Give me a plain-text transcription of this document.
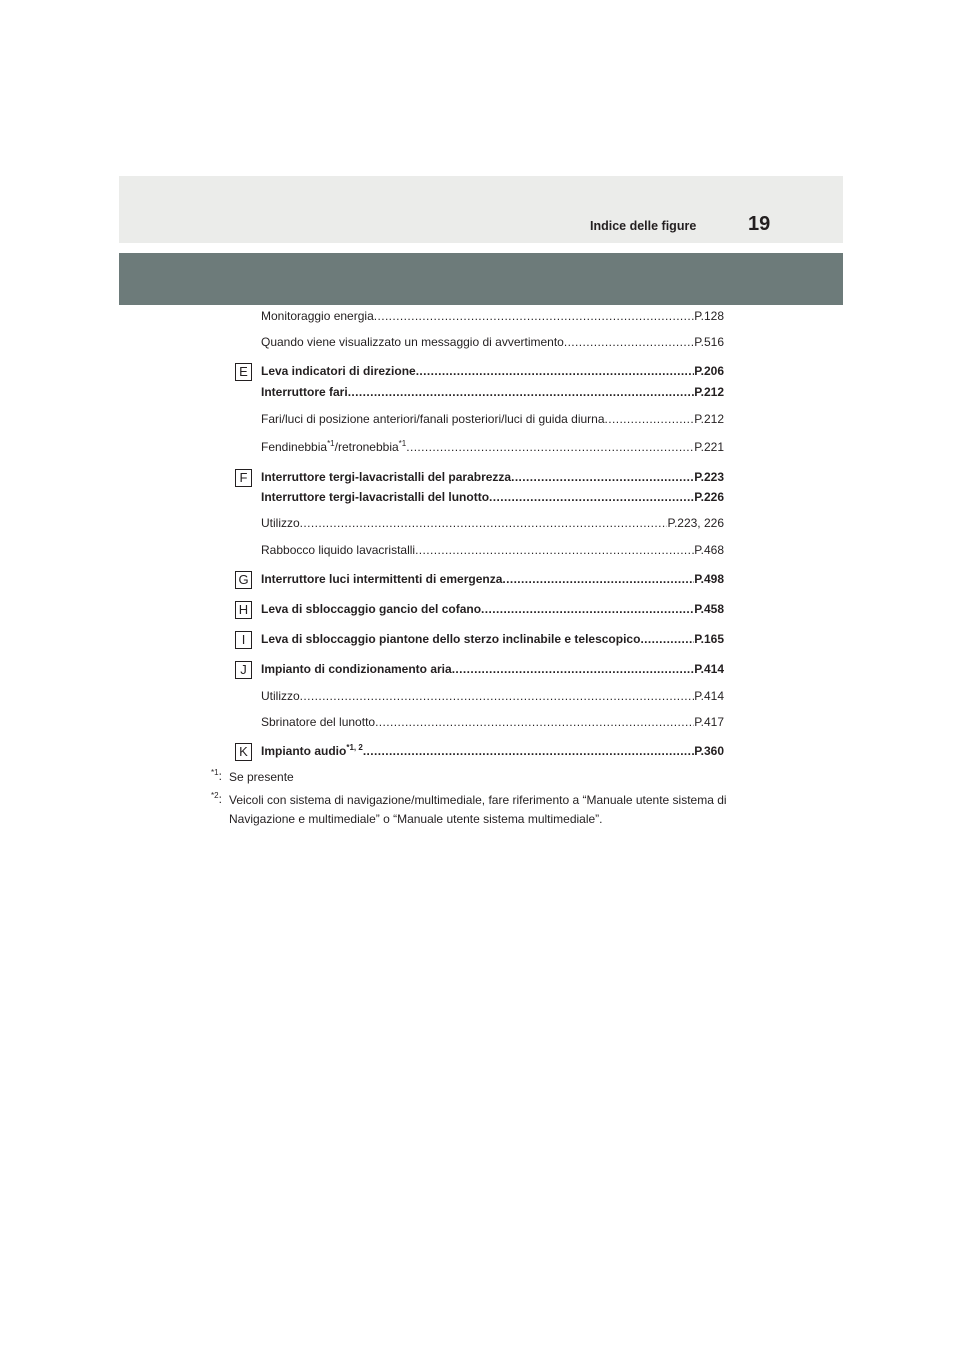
Indice delle figure	19
Monitoraggio energia .....	P.128
Quando viene visualizzato un messaggio di avvertimento .....	P.516
E	Leva indicatori di direzione .....	P.206
Interruttore fari .....	P.212
Fari/luci di posizione anteriori/fanali posteriori/luci di guida diurna .....	P.212
Fendinebbia$^{*1}$/retronebbia$^{*1}$ .....	P.221
F	Interruttore tergi-lavacristalli del parabrezza .....	P.223
Interruttore tergi-lavacristalli del lunotto .....	P.226
Utilizzo .....	P.223, 226
Rabbocco liquido lavacristalli .....	P.468
G Interruttore luci intermittenti di emergenza .....	P.498
H	Leva di sbloccaggio gancio del cofano .....	P.458
I	Leva di sbloccaggio piantone dello sterzo inclinabile e telescopico .....	P.165
J	Impianto di condizionamento aria .....	P.414
Utilizzo .....	P.414
Sbrinatore del lunotto .....	P.417
K	Impianto audio$^{*1, 2}$ .....	P.360
$^{*1}$: Se presente
$^{*2}$: Veicoli con sistema di navigazione/multimediale, fare riferimento a “Manuale utente sistema di Navigazione e multimediale” o “Manuale utente sistema multimediale”.
